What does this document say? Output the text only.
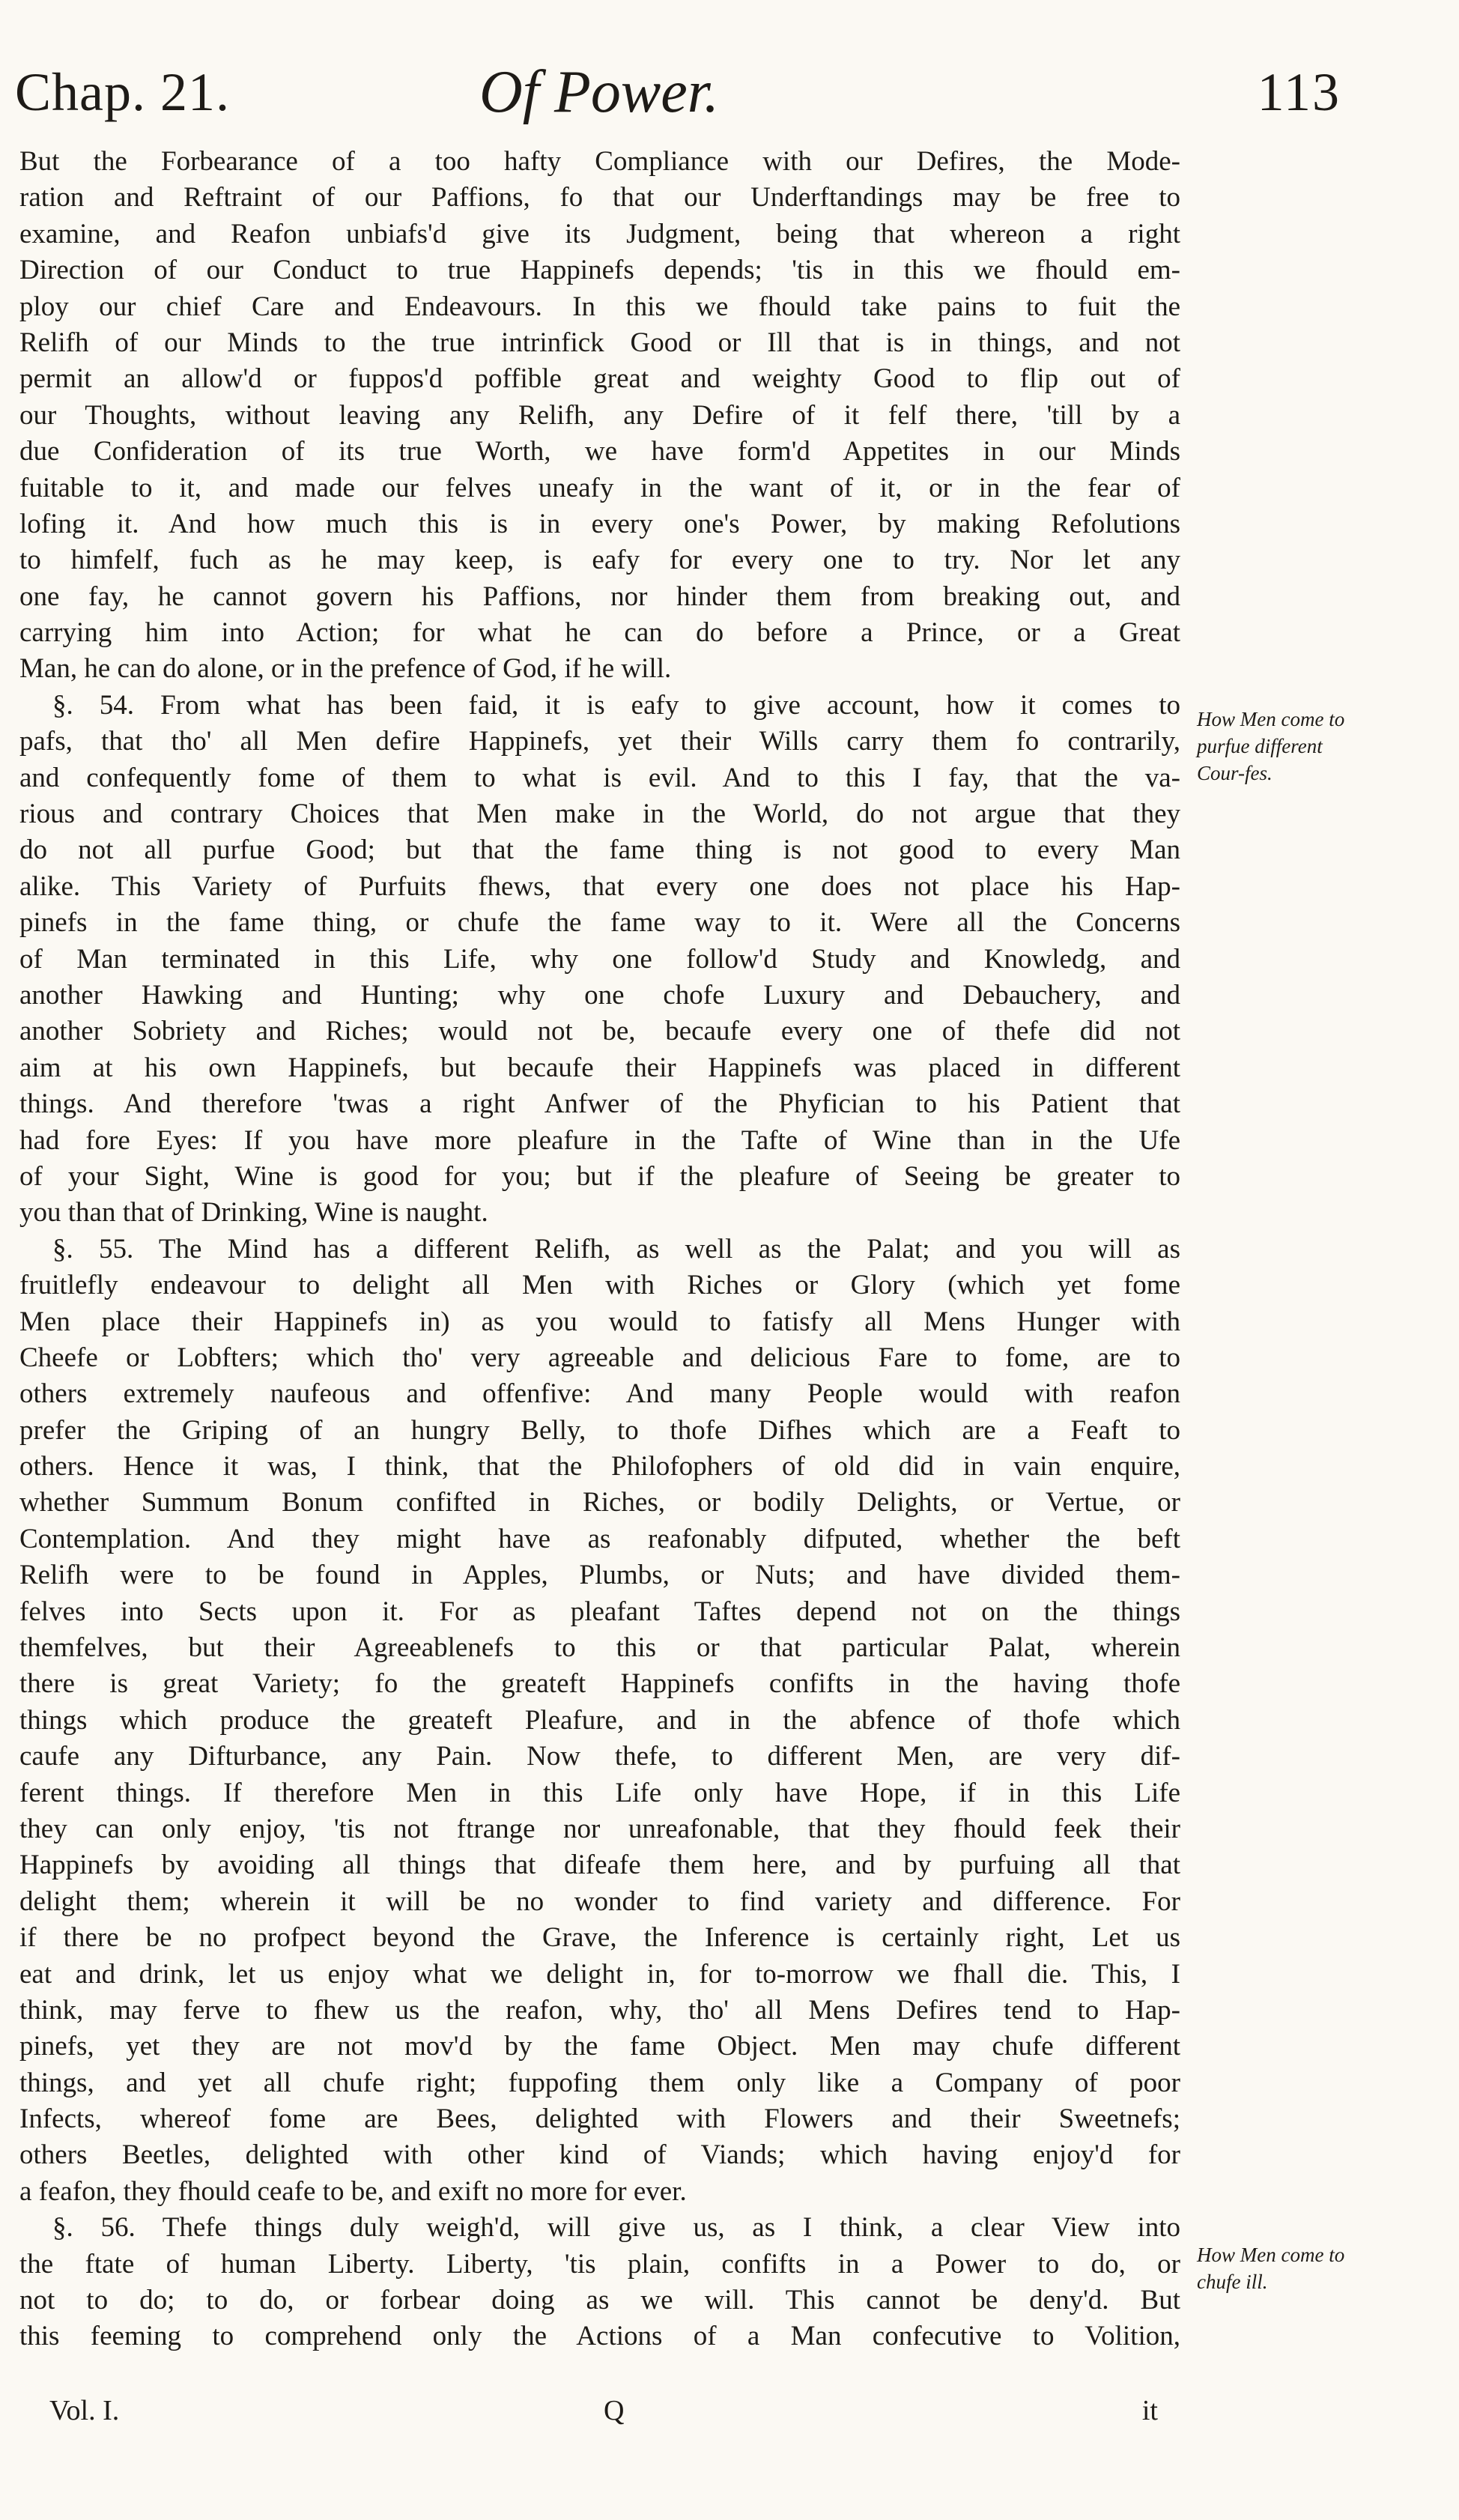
Chap. 21.	Of Power.	113
But the Forbearance of a too hafty Compliance with our Defires, the Mode-
ration and Reftraint of our Paffions, fo that our Underftandings may be free to
examine, and Reafon unbiafs'd give its Judgment, being that whereon a right
Direction of our Conduct to true Happinefs depends; 'tis in this we fhould em-
ploy our chief Care and Endeavours. In this we fhould take pains to fuit the
Relifh of our Minds to the true intrinfick Good or Ill that is in things, and not
permit an allow'd or fuppos'd poffible great and weighty Good to flip out of
our Thoughts, without leaving any Relifh, any Defire of it felf there, 'till by a
due Confideration of its true Worth, we have form'd Appetites in our Minds
fuitable to it, and made our felves uneafy in the want of it, or in the fear of
lofing it. And how much this is in every one's Power, by making Refolutions
to himfelf, fuch as he may keep, is eafy for every one to try. Nor let any
one fay, he cannot govern his Paffions, nor hinder them from breaking out, and
carrying him into Action; for what he can do before a Prince, or a Great
Man, he can do alone, or in the prefence of God, if he will.
§. 54. From what has been faid, it is eafy to give account, how it comes to
pafs, that tho' all Men defire Happinefs, yet their Wills carry them fo contrarily,
and confequently fome of them to what is evil. And to this I fay, that the va-
rious and contrary Choices that Men make in the World, do not argue that they
do not all purfue Good; but that the fame thing is not good to every Man
alike. This Variety of Purfuits fhews, that every one does not place his Hap-
pinefs in the fame thing, or chufe the fame way to it. Were all the Concerns
of Man terminated in this Life, why one follow'd Study and Knowledg, and
another Hawking and Hunting; why one chofe Luxury and Debauchery, and
another Sobriety and Riches; would not be, becaufe every one of thefe did not
aim at his own Happinefs, but becaufe their Happinefs was placed in different
things. And therefore 'twas a right Anfwer of the Phyfician to his Patient that
had fore Eyes: If you have more pleafure in the Tafte of Wine than in the Ufe
of your Sight, Wine is good for you; but if the pleafure of Seeing be greater to
you than that of Drinking, Wine is naught.
§. 55. The Mind has a different Relifh, as well as the Palat; and you will as
fruitlefly endeavour to delight all Men with Riches or Glory (which yet fome
Men place their Happinefs in) as you would to fatisfy all Mens Hunger with
Cheefe or Lobfters; which tho' very agreeable and delicious Fare to fome, are to
others extremely naufeous and offenfive: And many People would with reafon
prefer the Griping of an hungry Belly, to thofe Difhes which are a Feaft to
others. Hence it was, I think, that the Philofophers of old did in vain enquire,
whether Summum Bonum confifted in Riches, or bodily Delights, or Vertue, or
Contemplation. And they might have as reafonably difputed, whether the beft
Relifh were to be found in Apples, Plumbs, or Nuts; and have divided them-
felves into Sects upon it. For as pleafant Taftes depend not on the things
themfelves, but their Agreeablenefs to this or that particular Palat, wherein
there is great Variety; fo the greateft Happinefs confifts in the having thofe
things which produce the greateft Pleafure, and in the abfence of thofe which
caufe any Difturbance, any Pain. Now thefe, to different Men, are very dif-
ferent things. If therefore Men in this Life only have Hope, if in this Life
they can only enjoy, 'tis not ftrange nor unreafonable, that they fhould feek their
Happinefs by avoiding all things that difeafe them here, and by purfuing all that
delight them; wherein it will be no wonder to find variety and difference. For
if there be no profpect beyond the Grave, the Inference is certainly right, Let us
eat and drink, let us enjoy what we delight in, for to-morrow we fhall die. This, I
think, may ferve to fhew us the reafon, why, tho' all Mens Defires tend to Hap-
pinefs, yet they are not mov'd by the fame Object. Men may chufe different
things, and yet all chufe right; fuppofing them only like a Company of poor
Infects, whereof fome are Bees, delighted with Flowers and their Sweetnefs;
others Beetles, delighted with other kind of Viands; which having enjoy'd for
a feafon, they fhould ceafe to be, and exift no more for ever.
§. 56. Thefe things duly weigh'd, will give us, as I think, a clear View into
the ftate of human Liberty. Liberty, 'tis plain, confifts in a Power to do, or
not to do; to do, or forbear doing as we will. This cannot be deny'd. But
this feeming to comprehend only the Actions of a Man confecutive to Volition,
How Men come to purfue different Cour-fes.
How Men come to chufe ill.
Vol. I.	Q	it
